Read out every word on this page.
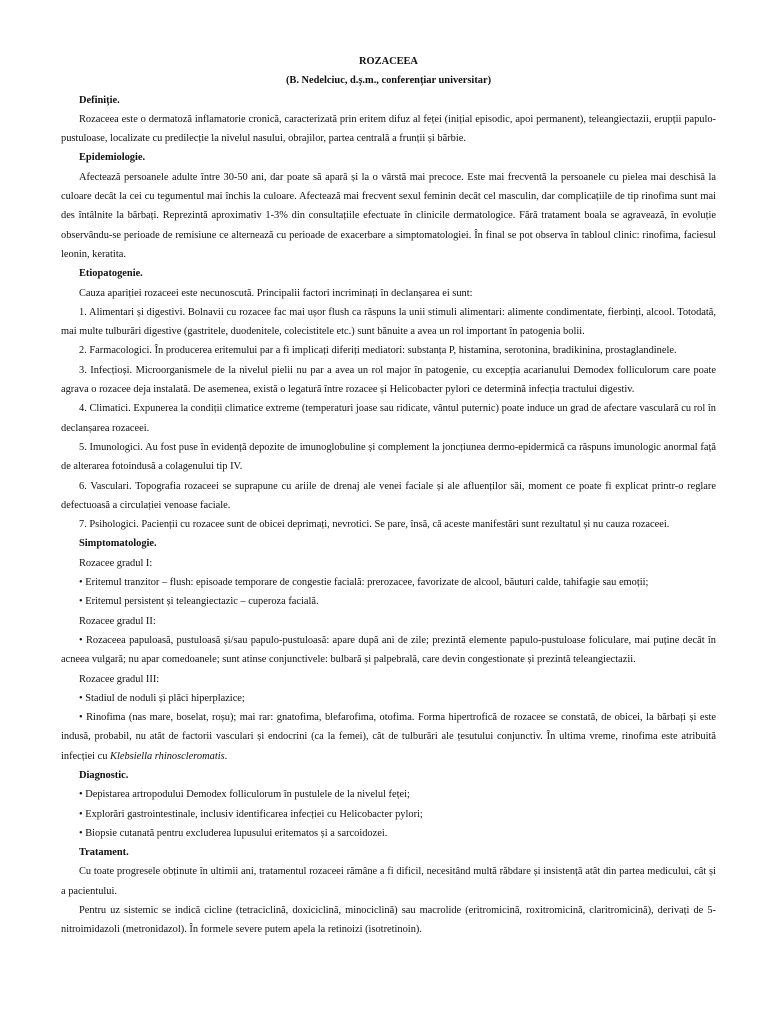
ROZACEEA

(B. Nedelciuc, d.ș.m., conferențiar universitar)

Definiție.

Rozaceea este o dermatoză inflamatorie cronică, caracterizată prin eritem difuz al feței (inițial episodic, apoi permanent), teleangiectazii, erupții papulo-pustuloase, localizate cu predilecție la nivelul nasului, obrajilor, partea centrală a frunții și bărbie.

Epidemiologie.

Afectează persoanele adulte între 30-50 ani, dar poate să apară și la o vârstă mai precoce. Este mai frecventă la persoanele cu pielea mai deschisă la culoare decât la cei cu tegumentul mai închis la culoare. Afectează mai frecvent sexul feminin decât cel masculin, dar complicațiile de tip rinofima sunt mai des întâlnite la bărbați. Reprezintă aproximativ 1-3% din consultațiile efectuate în clinicile dermatologice. Fără tratament boala se agravează, în evoluție observându-se perioade de remisiune ce alternează cu perioade de exacerbare a simptomatologiei. În final se pot observa în tabloul clinic: rinofima, faciesul leonin, keratita.

Etiopatogenie.

Cauza apariției rozaceei este necunoscută. Principalii factori incriminați în declanșarea ei sunt:

1. Alimentari și digestivi. Bolnavii cu rozacee fac mai ușor flush ca răspuns la unii stimuli alimentari: alimente condimentate, fierbinți, alcool. Totodată, mai multe tulburări digestive (gastritele, duodenitele, colecistitele etc.) sunt bănuite a avea un rol important în patogenia bolii.

2. Farmacologici. În producerea eritemului par a fi implicați diferiți mediatori: substanța P, histamina, serotonina, bradikinina, prostaglandinele.

3. Infecțioși. Microorganismele de la nivelul pielii nu par a avea un rol major în patogenie, cu excepția acarianului Demodex folliculorum care poate agrava o rozacee deja instalată. De asemenea, există o legatură între rozacee și Helicobacter pylori ce determină infecția tractului digestiv.

4. Climatici. Expunerea la condiții climatice extreme (temperaturi joase sau ridicate, vântul puternic) poate induce un grad de afectare vasculară cu rol în declanșarea rozaceei.

5. Imunologici. Au fost puse în evidență depozite de imunoglobuline și complement la joncțiunea dermo-epidermică ca răspuns imunologic anormal față de alterarea fotoindusă a colagenului tip IV.

6. Vasculari. Topografia rozaceei se suprapune cu ariile de drenaj ale venei faciale și ale afluenților săi, moment ce poate fi explicat printr-o reglare defectuoasă a circulației venoase faciale.

7. Psihologici. Pacienții cu rozacee sunt de obicei deprimați, nevrotici. Se pare, însă, că aceste manifestări sunt rezultatul și nu cauza rozaceei.

Simptomatologie.

Rozacee gradul I:

• Eritemul tranzitor – flush: episoade temporare de congestie facială: prerozacee, favorizate de alcool, băuturi calde, tahifagie sau emoții;

• Eritemul persistent și teleangiectazic – cuperoza facială.

Rozacee gradul II:

• Rozaceea papuloasă, pustuloasă și/sau papulo-pustuloasă: apare după ani de zile; prezintă elemente papulo-pustuloase foliculare, mai puține decât în acneea vulgară; nu apar comedoanele; sunt atinse conjunctivele: bulbară și palpebrală, care devin congestionate și prezintă teleangiectazii.

Rozacee gradul III:

• Stadiul de noduli și plăci hiperplazice;

• Rinofima (nas mare, boselat, roșu); mai rar: gnatofima, blefarofima, otofima. Forma hipertrofică de rozacee se constată, de obicei, la bărbați și este indusă, probabil, nu atât de factorii vasculari și endocrini (ca la femei), cât de tulburări ale țesutului conjunctiv. În ultima vreme, rinofima este atribuită infecției cu Klebsiella rhinoscleromatis.

Diagnostic.

• Depistarea artropodului Demodex folliculorum în pustulele de la nivelul feței;

• Explorări gastrointestinale, inclusiv identificarea infecției cu Helicobacter pylori;

• Biopsie cutanată pentru excluderea lupusului eritematos și a sarcoidozei.

Tratament.

Cu toate progresele obținute în ultimii ani, tratamentul rozaceei rămâne a fi dificil, necesitând multă răbdare și insistență atât din partea medicului, cât și a pacientului.

Pentru uz sistemic se indică cicline (tetraciclină, doxiciclină, minociclină) sau macrolide (eritromicină, roxitromicină, claritromicină), derivați de 5-nitroimidazoli (metronidazol). În formele severe putem apela la retinoizi (isotretinoin).
